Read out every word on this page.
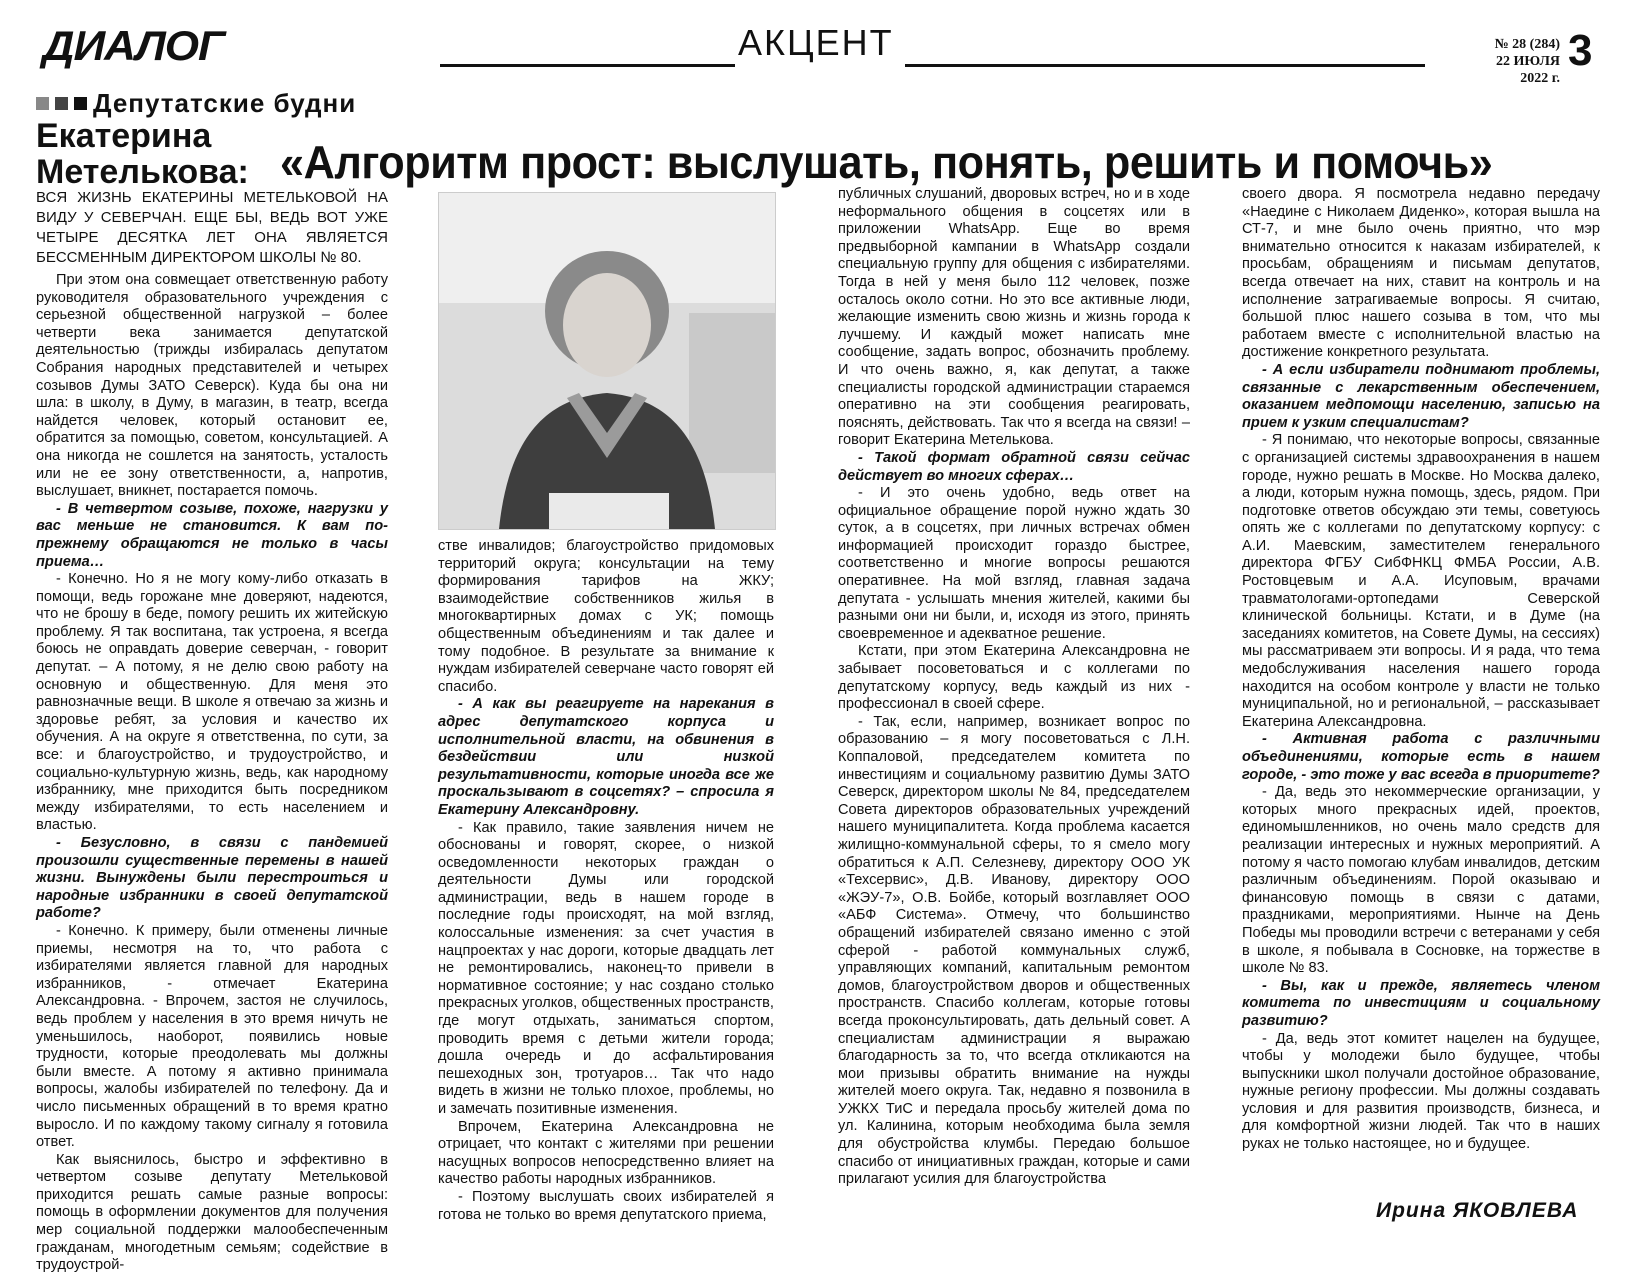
ДИАЛОГ	АКЦЕНТ	№ 28 (284)
22 ИЮЛЯ 2022 г.
3
Депутатские будни
Екатерина Метелькова: «Алгоритм прост: выслушать, понять, решить и помочь»
ВСЯ ЖИЗНЬ ЕКАТЕРИНЫ МЕТЕЛЬКОВОЙ НА ВИДУ У СЕВЕРЧАН. ЕЩЕ БЫ, ВЕДЬ ВОТ УЖЕ ЧЕТЫРЕ ДЕСЯТКА ЛЕТ ОНА ЯВЛЯЕТСЯ БЕССМЕННЫМ ДИРЕКТОРОМ ШКОЛЫ № 80.

При этом она совмещает ответственную работу руководителя образовательного учреждения с серьезной общественной нагрузкой – более четверти века занимается депутатской деятельностью (трижды избиралась депутатом Собрания народных представителей и четырех созывов Думы ЗАТО Северск). Куда бы она ни шла: в школу, в Думу, в магазин, в театр, всегда найдется человек, который остановит ее, обратится за помощью, советом, консультацией. А она никогда не сошлется на занятость, усталость или не ее зону ответственности, а, напротив, выслушает, вникнет, постарается помочь.

- В четвертом созыве, похоже, нагрузки у вас меньше не становится. К вам по-прежнему обращаются не только в часы приема…

- Конечно. Но я не могу кому-либо отказать в помощи, ведь горожане мне доверяют, надеются, что не брошу в беде, помогу решить их житейскую проблему. Я так воспитана, так устроена, я всегда боюсь не оправдать доверие северчан, - говорит депутат. – А потому, я не делю свою работу на основную и общественную. Для меня это равнозначные вещи. В школе я отвечаю за жизнь и здоровье ребят, за условия и качество их обучения. А на округе я ответственна, по сути, за все: и благоустройство, и трудоустройство, и социально-культурную жизнь, ведь, как народному избраннику, мне приходится быть посредником между избирателями, то есть населением и властью.

- Безусловно, в связи с пандемией произошли существенные перемены в нашей жизни. Вынуждены были перестроиться и народные избранники в своей депутатской работе?

- Конечно. К примеру, были отменены личные приемы, несмотря на то, что работа с избирателями является главной для народных избранников, - отмечает Екатерина Александровна. - Впрочем, застоя не случилось, ведь проблем у населения в это время ничуть не уменьшилось, наоборот, появились новые трудности, которые преодолевать мы должны были вместе. А потому я активно принимала вопросы, жалобы избирателей по телефону. Да и число письменных обращений в то время кратно выросло. И по каждому такому сигналу я готовила ответ.

Как выяснилось, быстро и эффективно в четвертом созыве депутату Метельковой приходится решать самые разные вопросы: помощь в оформлении документов для получения мер социальной поддержки малообеспеченным гражданам, многодетным семьям; содействие в трудоустрой-

стве инвалидов; благоустройство придомовых территорий округа; консультации на тему формирования тарифов на ЖКУ; взаимодействие собственников жилья в многоквартирных домах с УК; помощь общественным объединениям и так далее и тому подобное. В результате за внимание к нуждам избирателей северчане часто говорят ей спасибо.

- А как вы реагируете на нарекания в адрес депутатского корпуса и исполнительной власти, на обвинения в бездействии или низкой результативности, которые иногда все же проскальзывают в соцсетях? – спросила я Екатерину Александровну.

- Как правило, такие заявления ничем не обоснованы и говорят, скорее, о низкой осведомленности некоторых граждан о деятельности Думы или городской администрации, ведь в нашем городе в последние годы происходят, на мой взгляд, колоссальные изменения: за счет участия в нацпроектах у нас дороги, которые двадцать лет не ремонтировались, наконец-то привели в нормативное состояние; у нас создано столько прекрасных уголков, общественных пространств, где могут отдыхать, заниматься спортом, проводить время с детьми жители города; дошла очередь и до асфальтирования пешеходных зон, тротуаров… Так что надо видеть в жизни не только плохое, проблемы, но и замечать позитивные изменения.

Впрочем, Екатерина Александровна не отрицает, что контакт с жителями при решении насущных вопросов непосредственно влияет на качество работы народных избранников.

- Поэтому выслушать своих избирателей я готова не только во время депутатского приема,

публичных слушаний, дворовых встреч, но и в ходе неформального общения в соцсетях или в приложении WhatsApp. Еще во время предвыборной кампании в WhatsApp создали специальную группу для общения с избирателями. Тогда в ней у меня было 112 человек, позже осталось около сотни. Но это все активные люди, желающие изменить свою жизнь и жизнь города к лучшему. И каждый может написать мне сообщение, задать вопрос, обозначить проблему. И что очень важно, я, как депутат, а также специалисты городской администрации стараемся оперативно на эти сообщения реагировать, пояснять, действовать. Так что я всегда на связи! – говорит Екатерина Метелькова.

- Такой формат обратной связи сейчас действует во многих сферах…

- И это очень удобно, ведь ответ на официальное обращение порой нужно ждать 30 суток, а в соцсетях, при личных встречах обмен информацией происходит гораздо быстрее, соответственно и многие вопросы решаются оперативнее. На мой взгляд, главная задача депутата - услышать мнения жителей, какими бы разными они ни были, и, исходя из этого, принять своевременное и адекватное решение.

Кстати, при этом Екатерина Александровна не забывает посоветоваться и с коллегами по депутатскому корпусу, ведь каждый из них - профессионал в своей сфере.

- Так, если, например, возникает вопрос по образованию – я могу посоветоваться с Л.Н. Коппаловой, председателем комитета по инвестициям и социальному развитию Думы ЗАТО Северск, директором школы № 84, председателем Совета директоров образовательных учреждений нашего муниципалитета. Когда проблема касается жилищно-коммунальной сферы, то я смело могу обратиться к А.П. Селезневу, директору ООО УК «Техсервис», Д.В. Иванову, директору ООО «ЖЭУ-7», О.В. Бойбе, который возглавляет ООО «АБФ Система». Отмечу, что большинство обращений избирателей связано именно с этой сферой - работой коммунальных служб, управляющих компаний, капитальным ремонтом домов, благоустройством дворов и общественных пространств. Спасибо коллегам, которые готовы всегда проконсультировать, дать дельный совет. А специалистам администрации я выражаю благодарность за то, что всегда откликаются на мои призывы обратить внимание на нужды жителей моего округа. Так, недавно я позвонила в УЖКХ ТиС и передала просьбу жителей дома по ул. Калинина, которым необходима была земля для обустройства клумбы. Передаю большое спасибо от инициативных граждан, которые и сами прилагают усилия для благоустройства

своего двора. Я посмотрела недавно передачу «Наедине с Николаем Диденко», которая вышла на СТ-7, и мне было очень приятно, что мэр внимательно относится к наказам избирателей, к просьбам, обращениям и письмам депутатов, всегда отвечает на них, ставит на контроль и на исполнение затрагиваемые вопросы. Я считаю, большой плюс нашего созыва в том, что мы работаем вместе с исполнительной властью на достижение конкретного результата.

- А если избиратели поднимают проблемы, связанные с лекарственным обеспечением, оказанием медпомощи населению, записью на прием к узким специалистам?

- Я понимаю, что некоторые вопросы, связанные с организацией системы здравоохранения в нашем городе, нужно решать в Москве. Но Москва далеко, а люди, которым нужна помощь, здесь, рядом. При подготовке ответов обсуждаю эти темы, советуюсь опять же с коллегами по депутатскому корпусу: с А.И. Маевским, заместителем генерального директора ФГБУ СибФНКЦ ФМБА России, А.В. Ростовцевым и А.А. Исуповым, врачами травматологами-ортопедами Северской клинической больницы. Кстати, и в Думе (на заседаниях комитетов, на Совете Думы, на сессиях) мы рассматриваем эти вопросы. И я рада, что тема медобслуживания населения нашего города находится на особом контроле у власти не только муниципальной, но и региональной, – рассказывает Екатерина Александровна.

- Активная работа с различными объединениями, которые есть в нашем городе, - это тоже у вас всегда в приоритете?

- Да, ведь это некоммерческие организации, у которых много прекрасных идей, проектов, единомышленников, но очень мало средств для реализации интересных и нужных мероприятий. А потому я часто помогаю клубам инвалидов, детским различным объединениям. Порой оказываю и финансовую помощь в связи с датами, праздниками, мероприятиями. Нынче на День Победы мы проводили встречи с ветеранами у себя в школе, я побывала в Сосновке, на торжестве в школе № 83.

- Вы, как и прежде, являетесь членом комитета по инвестициям и социальному развитию?

- Да, ведь этот комитет нацелен на будущее, чтобы у молодежи было будущее, чтобы выпускники школ получали достойное образование, нужные региону профессии. Мы должны создавать условия и для развития производств, бизнеса, и для комфортной жизни людей. Так что в наших руках не только настоящее, но и будущее.

Ирина ЯКОВЛЕВА
